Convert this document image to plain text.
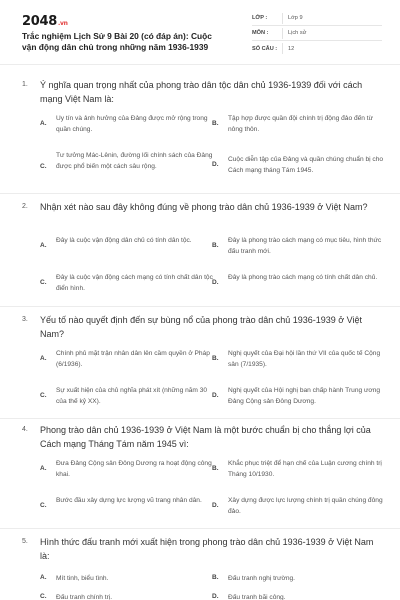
2048.vn
Trắc nghiệm Lịch Sử 9 Bài 20 (có đáp án): Cuộc vận động dân chủ trong những năm 1936-1939
LỚP :	Lớp 9
MÔN :	Lịch sử
SỐ CÂU :	12
1. Ý nghĩa quan trọng nhất của phong trào dân tộc dân chủ 1936-1939 đối với cách mạng Việt Nam là:
A.
Uy tín và ảnh hưởng của Đảng được mở rộng trong quần chúng.
B.
Tập hợp được quần đội chính trị động đảo đến từ nông thôn.
C.
Tư tưởng Mác-Lênin, đường lối chính sách của Đảng được phổ biến một cách sâu rộng.	D.
Cuộc diễn tập của Đảng và quần chúng chuẩn bị cho Cách mạng tháng Tám 1945.
2. Nhận xét nào sau đây không đúng về phong trào dân chủ 1936-1939 ở Việt Nam?
A.
Đây là cuộc vận động dân chủ có tính dân tộc.
B.
Đây là phong trào cách mạng có mục tiêu, hình thức đấu tranh mới.
C.
Đây là cuộc vận động cách mạng có tính chất dân tộc điển hình.
D.
Đây là phong trào cách mạng có tính chất dân chủ.
3. Yếu tố nào quyết định đến sự bùng nổ của phong trào dân chủ 1936-1939 ở Việt Nam?
A.
Chính phủ mặt trận nhân dân lên cầm quyền ở Pháp (6/1936).
B.
Nghị quyết của Đại hội lần thứ VII của quốc tế Cộng sản (7/1935).
C.
Sự xuất hiện của chủ nghĩa phát xít (những năm 30 của thế kỷ XX).
D.
Nghị quyết của Hội nghị ban chấp hành Trung ương Đảng Cộng sản Đông Dương.
4. Phong trào dân chủ 1936-1939 ở Việt Nam là một bước chuẩn bị cho thắng lợi của Cách mạng Tháng Tám năm 1945 vì:
A.
Đưa Đảng Cộng sản Đông Dương ra hoạt động công khai.
B.
Khắc phục triệt để hạn chế của Luận cương chính trị Tháng 10/1930.
C.
Bước đầu xây dựng lực lượng vũ trang nhân dân.
D.
Xây dựng được lực lượng chính trị quần chúng đông đảo.
5. Hình thức đấu tranh mới xuất hiện trong phong trào dân chủ 1936-1939 ở Việt Nam là:
A. Mít tinh, biểu tình.	B. Đấu tranh nghị trường.
C. Đấu tranh chính trị.	D. Đấu tranh bãi công.
